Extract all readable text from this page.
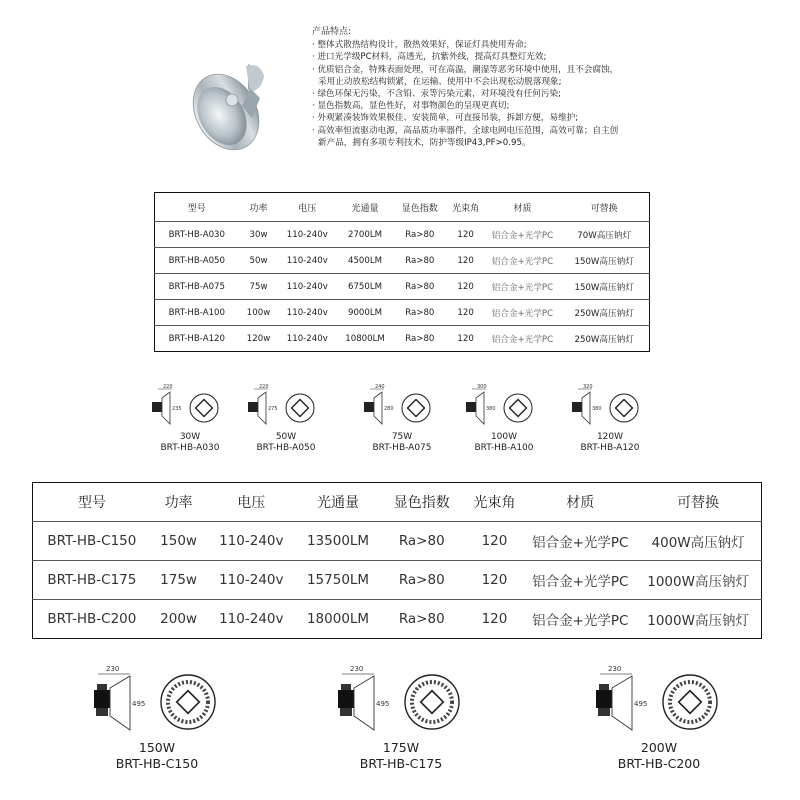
产品特点:
· 整体式散热结构设计，散热效果好，保证灯具使用寿命;
· 进口光学级PC材料，高透光，抗紫外线，提高灯具整灯光效;
· 优质铝合金，特殊表面处理，可在高温，潮湿等恶劣环境中使用，且不会腐蚀，
采用止动放松结构锁紧，在运输、使用中不会出现松动脱落现象;
· 绿色环保无污染，不含铅、汞等污染元素，对环境没有任何污染;
· 显色指数高，显色性好，对事物颜色的呈现更真切;
· 外观紧凑装饰效果极佳、安装简单，可直接吊装，拆卸方便，易维护;
· 高效率恒流驱动电源，高品质功率器件，全球电网电压范围，高效可靠；自主创
新产品，拥有多项专利技术，防护等级IP43,PF>0.95。
型号	功率	电压	光通量	显色指数	光束角	材质	可替换
BRT-HB-A030	30w	110-240v	2700LM	Ra>80	120	铝合金+光学PC	70W高压钠灯
BRT-HB-A050	50w	110-240v	4500LM	Ra>80	120	铝合金+光学PC	150W高压钠灯
BRT-HB-A075	75w	110-240v	6750LM	Ra>80	120	铝合金+光学PC	150W高压钠灯
BRT-HB-A100	100w	110-240v	9000LM	Ra>80	120	铝合金+光学PC	250W高压钠灯
BRT-HB-A120	120w	110-240v	10800LM	Ra>80	120	铝合金+光学PC	250W高压钠灯
220
235
30W
BRT-HB-A030
220
275
50W
BRT-HB-A050
240
280
75W
BRT-HB-A075
300
380
100W
BRT-HB-A100
320
380
120W
BRT-HB-A120
型号	功率	电压	光通量	显色指数	光束角	材质	可替换
BRT-HB-C150	150w	110-240v	13500LM	Ra>80	120	铝合金+光学PC	400W高压钠灯
BRT-HB-C175	175w	110-240v	15750LM	Ra>80	120	铝合金+光学PC	1000W高压钠灯
BRT-HB-C200	200w	110-240v	18000LM	Ra>80	120	铝合金+光学PC	1000W高压钠灯
230
495
150W
BRT-HB-C150
230
495
175W
BRT-HB-C175
230
495
200W
BRT-HB-C200
